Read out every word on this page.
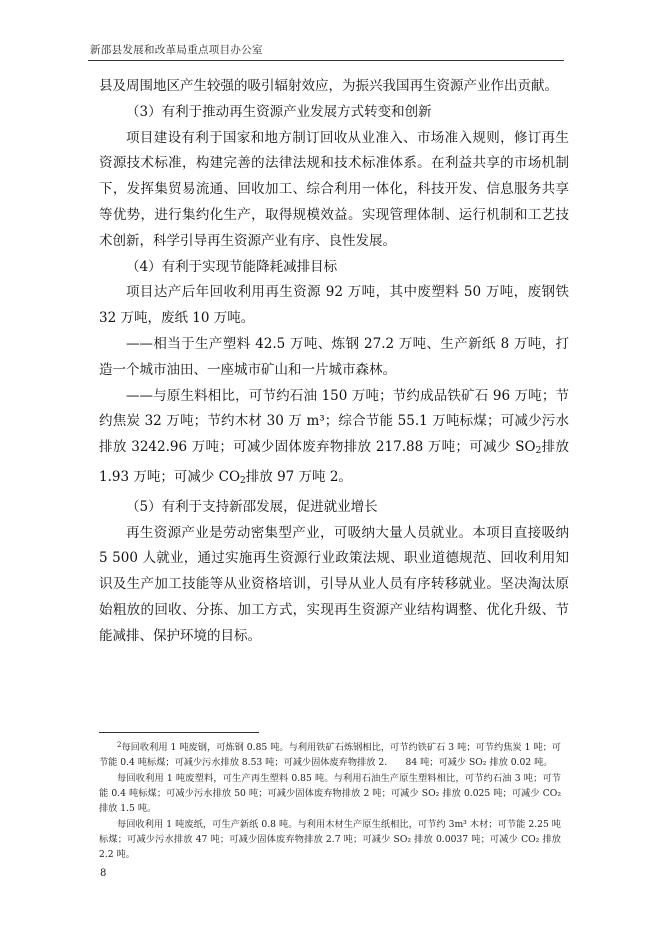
新邵县发展和改革局重点项目办公室

县及周围地区产生较强的吸引辐射效应，为振兴我国再生资源产业作出贡献。

（3）有利于推动再生资源产业发展方式转变和创新

项目建设有利于国家和地方制订回收从业准入、市场准入规则，修订再生资源技术标准，构建完善的法律法规和技术标准体系。在利益共享的市场机制下，发挥集贸易流通、回收加工、综合利用一体化，科技开发、信息服务共享等优势，进行集约化生产，取得规模效益。实现管理体制、运行机制和工艺技术创新，科学引导再生资源产业有序、良性发展。

（4）有利于实现节能降耗减排目标

项目达产后年回收利用再生资源 92 万吨，其中废塑料 50 万吨，废钢铁 32 万吨，废纸 10 万吨。

——相当于生产塑料 42.5 万吨、炼钢 27.2 万吨、生产新纸 8 万吨，打造一个城市油田、一座城市矿山和一片城市森林。

——与原生料相比，可节约石油 150 万吨；节约成品铁矿石 96 万吨；节约焦炭 32 万吨；节约木材 30 万 m³；综合节能 55.1 万吨标煤；可减少污水排放 3242.96 万吨；可减少固体废弃物排放 217.88 万吨；可减少 $SO_2$排放 1.93 万吨；可减少 $CO_2$排放 97 万吨 2。

（5）有利于支持新邵发展，促进就业增长

再生资源产业是劳动密集型产业，可吸纳大量人员就业。本项目直接吸纳 5 500 人就业，通过实施再生资源行业政策法规、职业道德规范、回收利用知识及生产加工技能等从业资格培训，引导从业人员有序转移就业。坚决淘汰原始粗放的回收、分拣、加工方式，实现再生资源产业结构调整、优化升级、节能减排、保护环境的目标。

$^2$每回收利用 1 吨废钢，可炼钢 0.85 吨。与利用铁矿石炼钢相比，可节约铁矿石 3 吨；可节约焦炭 1 吨；可节能 0.4 吨标煤；可减少污水排放 8.53 吨；可减少固体废弃物排放 2.　　84 吨；可减少 SO₂ 排放 0.02 吨。

每回收利用 1 吨废塑料，可生产再生塑料 0.85 吨。与利用石油生产原生塑料相比，可节约石油 3 吨；可节能 0.4 吨标煤；可减少污水排放 50 吨；可减少固体废弃物排放 2 吨；可减少 SO₂ 排放 0.025 吨；可减少 CO₂ 排放 1.5 吨。

每回收利用 1 吨废纸，可生产新纸 0.8 吨。与利用木材生产原生纸相比，可节约 3m³ 木材；可节能 2.25 吨标煤；可减少污水排放 47 吨；可减少固体废弃物排放 2.7 吨；可减少 SO₂ 排放 0.0037 吨；可减少 CO₂ 排放 2.2 吨。

8
